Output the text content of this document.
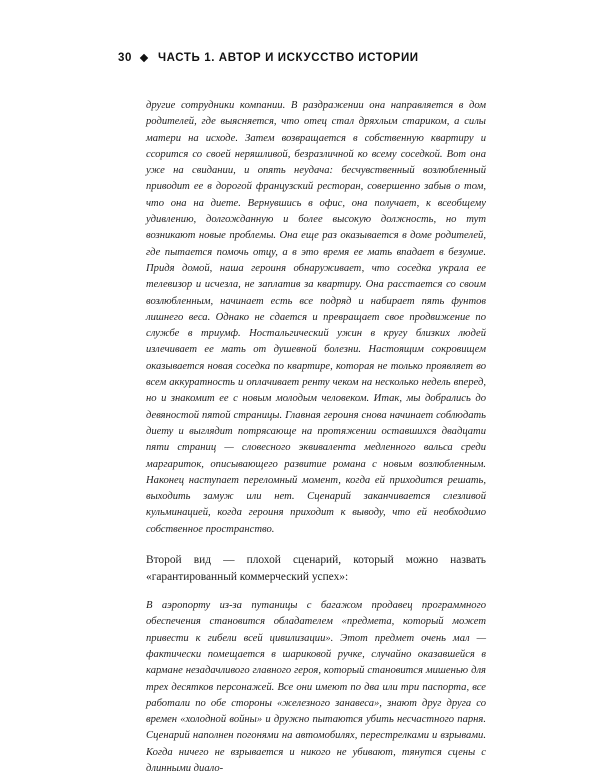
30 ЧАСТЬ 1. АВТОР И ИСКУССТВО ИСТОРИИ

другие сотрудники компании. В раздражении она направляется в дом родителей, где выясняется, что отец стал дряхлым стариком, а силы матери на исходе. Затем возвращается в собственную квартиру и ссорится со своей неряшливой, безразличной ко всему соседкой. Вот она уже на свидании, и опять неудача: бесчувственный возлюбленный приводит ее в дорогой французский ресторан, совершенно забыв о том, что она на диете. Вернувшись в офис, она получает, к всеобщему удивлению, долгожданную и более высокую должность, но тут возникают новые проблемы. Она еще раз оказывается в доме родителей, где пытается помочь отцу, а в это время ее мать впадает в безумие. Придя домой, наша героиня обнаруживает, что соседка украла ее телевизор и исчезла, не заплатив за квартиру. Она расстается со своим возлюбленным, начинает есть все подряд и набирает пять фунтов лишнего веса. Однако не сдается и превращает свое продвижение по службе в триумф. Ностальгический ужин в кругу близких людей излечивает ее мать от душевной болезни. Настоящим сокровищем оказывается новая соседка по квартире, которая не только проявляет во всем аккуратность и оплачивает ренту чеком на несколько недель вперед, но и знакомит ее с новым молодым человеком. Итак, мы добрались до девяностой пятой страницы. Главная героиня снова начинает соблюдать диету и выглядит потрясающе на протяжении оставшихся двадцати пяти страниц — словесного эквивалента медленного вальса среди маргариток, описывающего развитие романа с новым возлюбленным. Наконец наступает переломный момент, когда ей приходится решать, выходить замуж или нет. Сценарий заканчивается слезливой кульминацией, когда героиня приходит к выводу, что ей необходимо собственное пространство.

Второй вид — плохой сценарий, который можно назвать «гарантированный коммерческий успех»:

В аэропорту из-за путаницы с багажом продавец программного обеспечения становится обладателем «предмета, который может привести к гибели всей цивилизации». Этот предмет очень мал — фактически помещается в шариковой ручке, случайно оказавшейся в кармане незадачливого главного героя, который становится мишенью для трех десятков персонажей. Все они имеют по два или три паспорта, все работали по обе стороны «железного занавеса», знают друг друга со времен «холодной войны» и дружно пытаются убить несчастного парня. Сценарий наполнен погонями на автомобилях, перестрелками и взрывами. Когда ничего не взрывается и никого не убивают, тянутся сцены с длинными диало-
